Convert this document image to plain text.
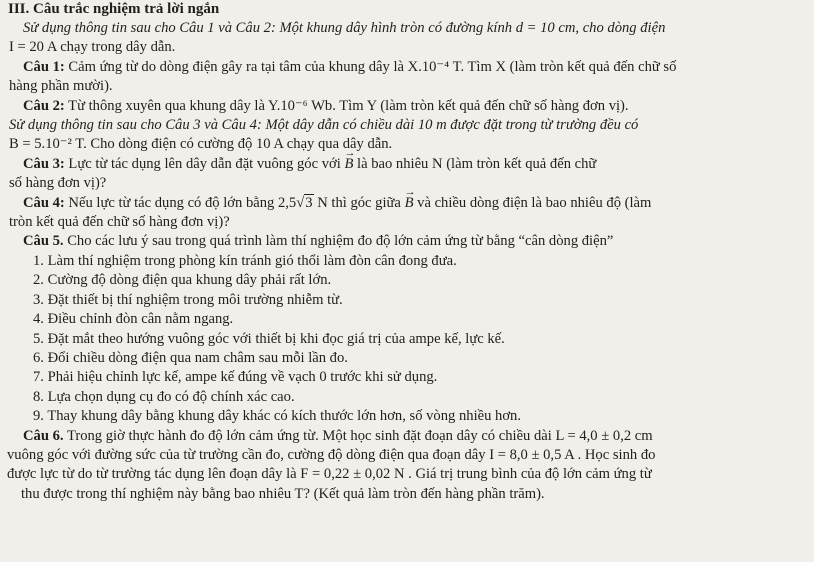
III. Câu trắc nghiệm trả lời ngắn
Sử dụng thông tin sau cho Câu 1 và Câu 2: Một khung dây hình tròn có đường kính d = 10 cm, cho dòng điện
I = 20 A chạy trong dây dẫn.
Câu 1: Cảm ứng từ do dòng điện gây ra tại tâm của khung dây là X.10⁻⁴ T. Tìm X (làm tròn kết quả đến chữ số
hàng phần mười).
Câu 2: Từ thông xuyên qua khung dây là Y.10⁻⁶ Wb. Tìm Y (làm tròn kết quả đến chữ số hàng đơn vị).
Sử dụng thông tin sau cho Câu 3 và Câu 4: Một dây dẫn có chiều dài 10 m được đặt trong từ trường đều có
B = 5.10⁻² T. Cho dòng điện có cường độ 10 A chạy qua dây dẫn.
Câu 3: Lực từ tác dụng lên dây dẫn đặt vuông góc với → B là bao nhiêu N (làm tròn kết quả đến chữ
số hàng đơn vị)?
Câu 4: Nếu lực từ tác dụng có độ lớn bằng 2,5√3 N thì góc giữa → B và chiều dòng điện là bao nhiêu độ (làm
tròn kết quả đến chữ số hàng đơn vị)?
Câu 5. Cho các lưu ý sau trong quá trình làm thí nghiệm đo độ lớn cảm ứng từ bằng “cân dòng điện”
1. Làm thí nghiệm trong phòng kín tránh gió thổi làm đòn cân đong đưa.
2. Cường độ dòng điện qua khung dây phải rất lớn.
3. Đặt thiết bị thí nghiệm trong môi trường nhiễm từ.
4. Điều chỉnh đòn cân nằm ngang.
5. Đặt mắt theo hướng vuông góc với thiết bị khi đọc giá trị của ampe kế, lực kế.
6. Đổi chiều dòng điện qua nam châm sau mỗi lần đo.
7. Phải hiệu chỉnh lực kế, ampe kế đúng về vạch 0 trước khi sử dụng.
8. Lựa chọn dụng cụ đo có độ chính xác cao.
9. Thay khung dây bằng khung dây khác có kích thước lớn hơn, số vòng nhiều hơn.
Câu 6. Trong giờ thực hành đo độ lớn cảm ứng từ. Một học sinh đặt đoạn dây có chiều dài L = 4,0 ± 0,2 cm
vuông góc với đường sức của từ trường cần đo, cường độ dòng điện qua đoạn dây I = 8,0 ± 0,5 A . Học sinh đo
được lực từ do từ trường tác dụng lên đoạn dây là F = 0,22 ± 0,02 N . Giá trị trung bình của độ lớn cảm ứng từ
thu được trong thí nghiệm này bằng bao nhiêu T? (Kết quả làm tròn đến hàng phần trăm).
